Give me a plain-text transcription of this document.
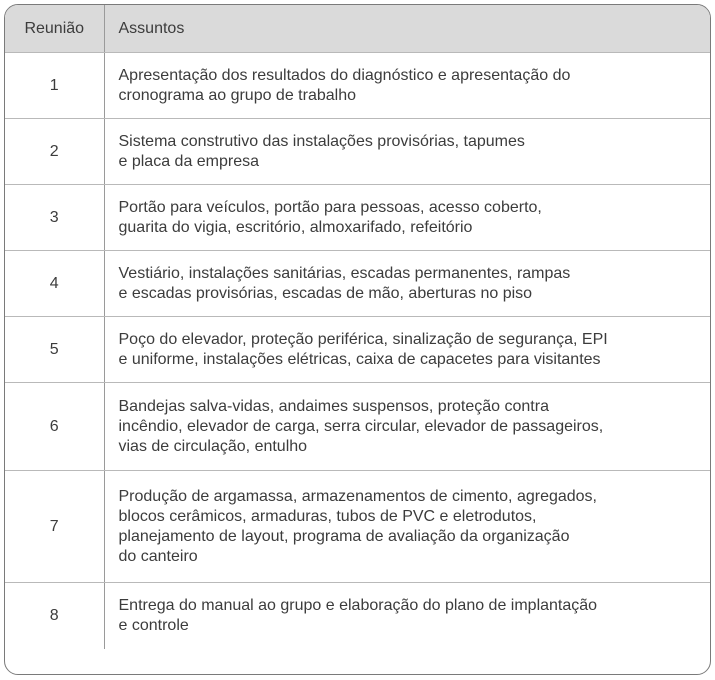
Reunião	Assuntos
1	Apresentação dos resultados do diagnóstico e apresentação do
cronograma ao grupo de trabalho
2	Sistema construtivo das instalações provisórias, tapumes
e placa da empresa
3	Portão para veículos, portão para pessoas, acesso coberto,
guarita do vigia, escritório, almoxarifado, refeitório
4	Vestiário, instalações sanitárias, escadas permanentes, rampas
e escadas provisórias, escadas de mão, aberturas no piso
5	Poço do elevador, proteção periférica, sinalização de segurança, EPI
e uniforme, instalações elétricas, caixa de capacetes para visitantes
6	Bandejas salva-vidas, andaimes suspensos, proteção contra
incêndio, elevador de carga, serra circular, elevador de passageiros,
vias de circulação, entulho
7	Produção de argamassa, armazenamentos de cimento, agregados,
blocos cerâmicos, armaduras, tubos de PVC e eletrodutos,
planejamento de layout, programa de avaliação da organização
do canteiro
8	Entrega do manual ao grupo e elaboração do plano de implantação
e controle
